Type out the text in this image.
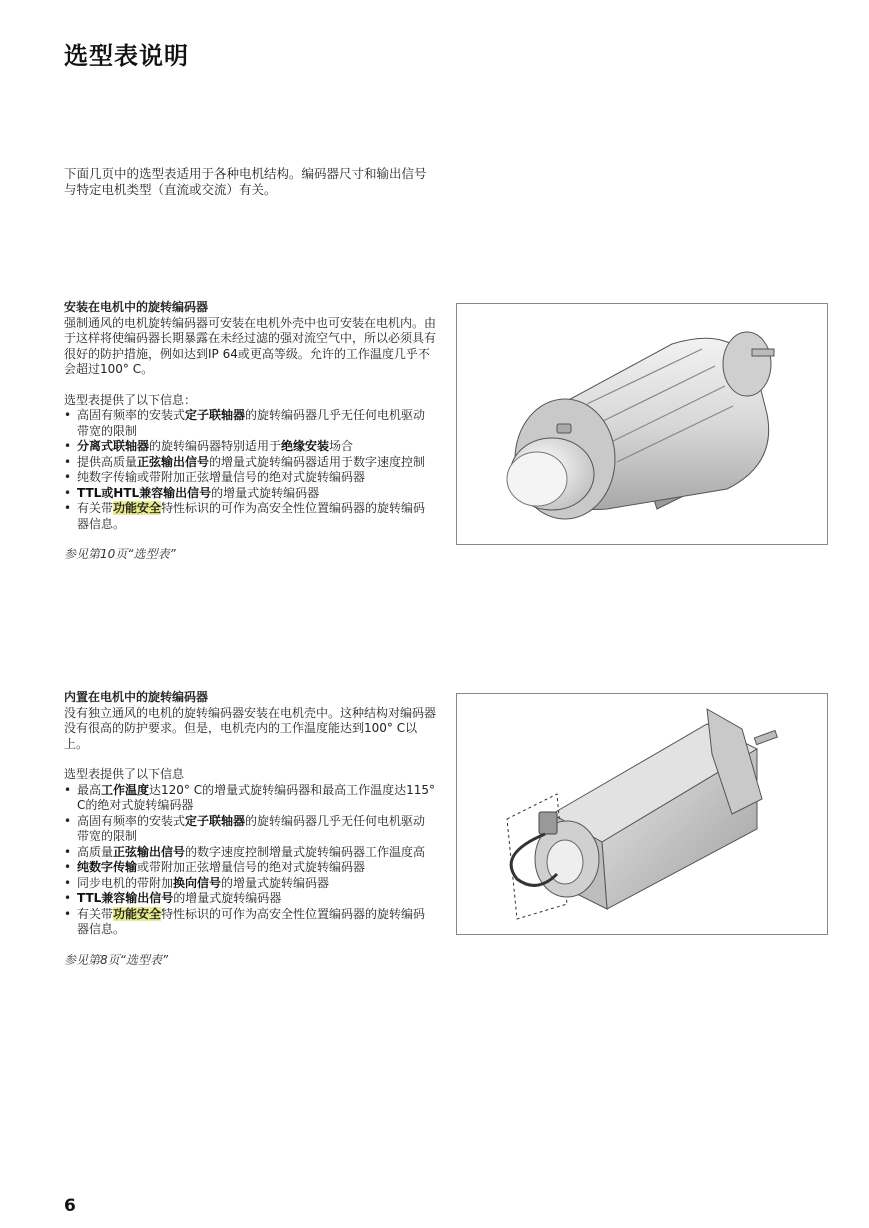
选型表说明

下面几页中的选型表适用于各种电机结构。编码器尺寸和输出信号与特定电机类型（直流或交流）有关。

安装在电机中的旋转编码器

强制通风的电机旋转编码器可安装在电机外壳中也可安装在电机内。由于这样将使编码器长期暴露在未经过滤的强对流空气中，所以必须具有很好的防护措施，例如达到IP 64或更高等级。允许的工作温度几乎不会超过100° C。

选型表提供了以下信息：

• 高固有频率的安装式定子联轴器的旋转编码器几乎无任何电机驱动带宽的限制
• 分离式联轴器的旋转编码器特别适用于绝缘安装场合
• 提供高质量正弦输出信号的增量式旋转编码器适用于数字速度控制
• 纯数字传输或带附加正弦增量信号的绝对式旋转编码器
• TTL或HTL兼容输出信号的增量式旋转编码器
• 有关带功能安全特性标识的可作为高安全性位置编码器的旋转编码器信息。

参见第10页“选型表”

内置在电机中的旋转编码器

没有独立通风的电机的旋转编码器安装在电机壳中。这种结构对编码器没有很高的防护要求。但是，电机壳内的工作温度能达到100° C以上。

选型表提供了以下信息

• 最高工作温度达120° C的增量式旋转编码器和最高工作温度达115° C的绝对式旋转编码器
• 高固有频率的安装式定子联轴器的旋转编码器几乎无任何电机驱动带宽的限制
• 高质量正弦输出信号的数字速度控制增量式旋转编码器工作温度高
• 纯数字传输或带附加正弦增量信号的绝对式旋转编码器
• 同步电机的带附加换向信号的增量式旋转编码器
• TTL兼容输出信号的增量式旋转编码器
• 有关带功能安全特性标识的可作为高安全性位置编码器的旋转编码器信息。

参见第8页“选型表”

6
